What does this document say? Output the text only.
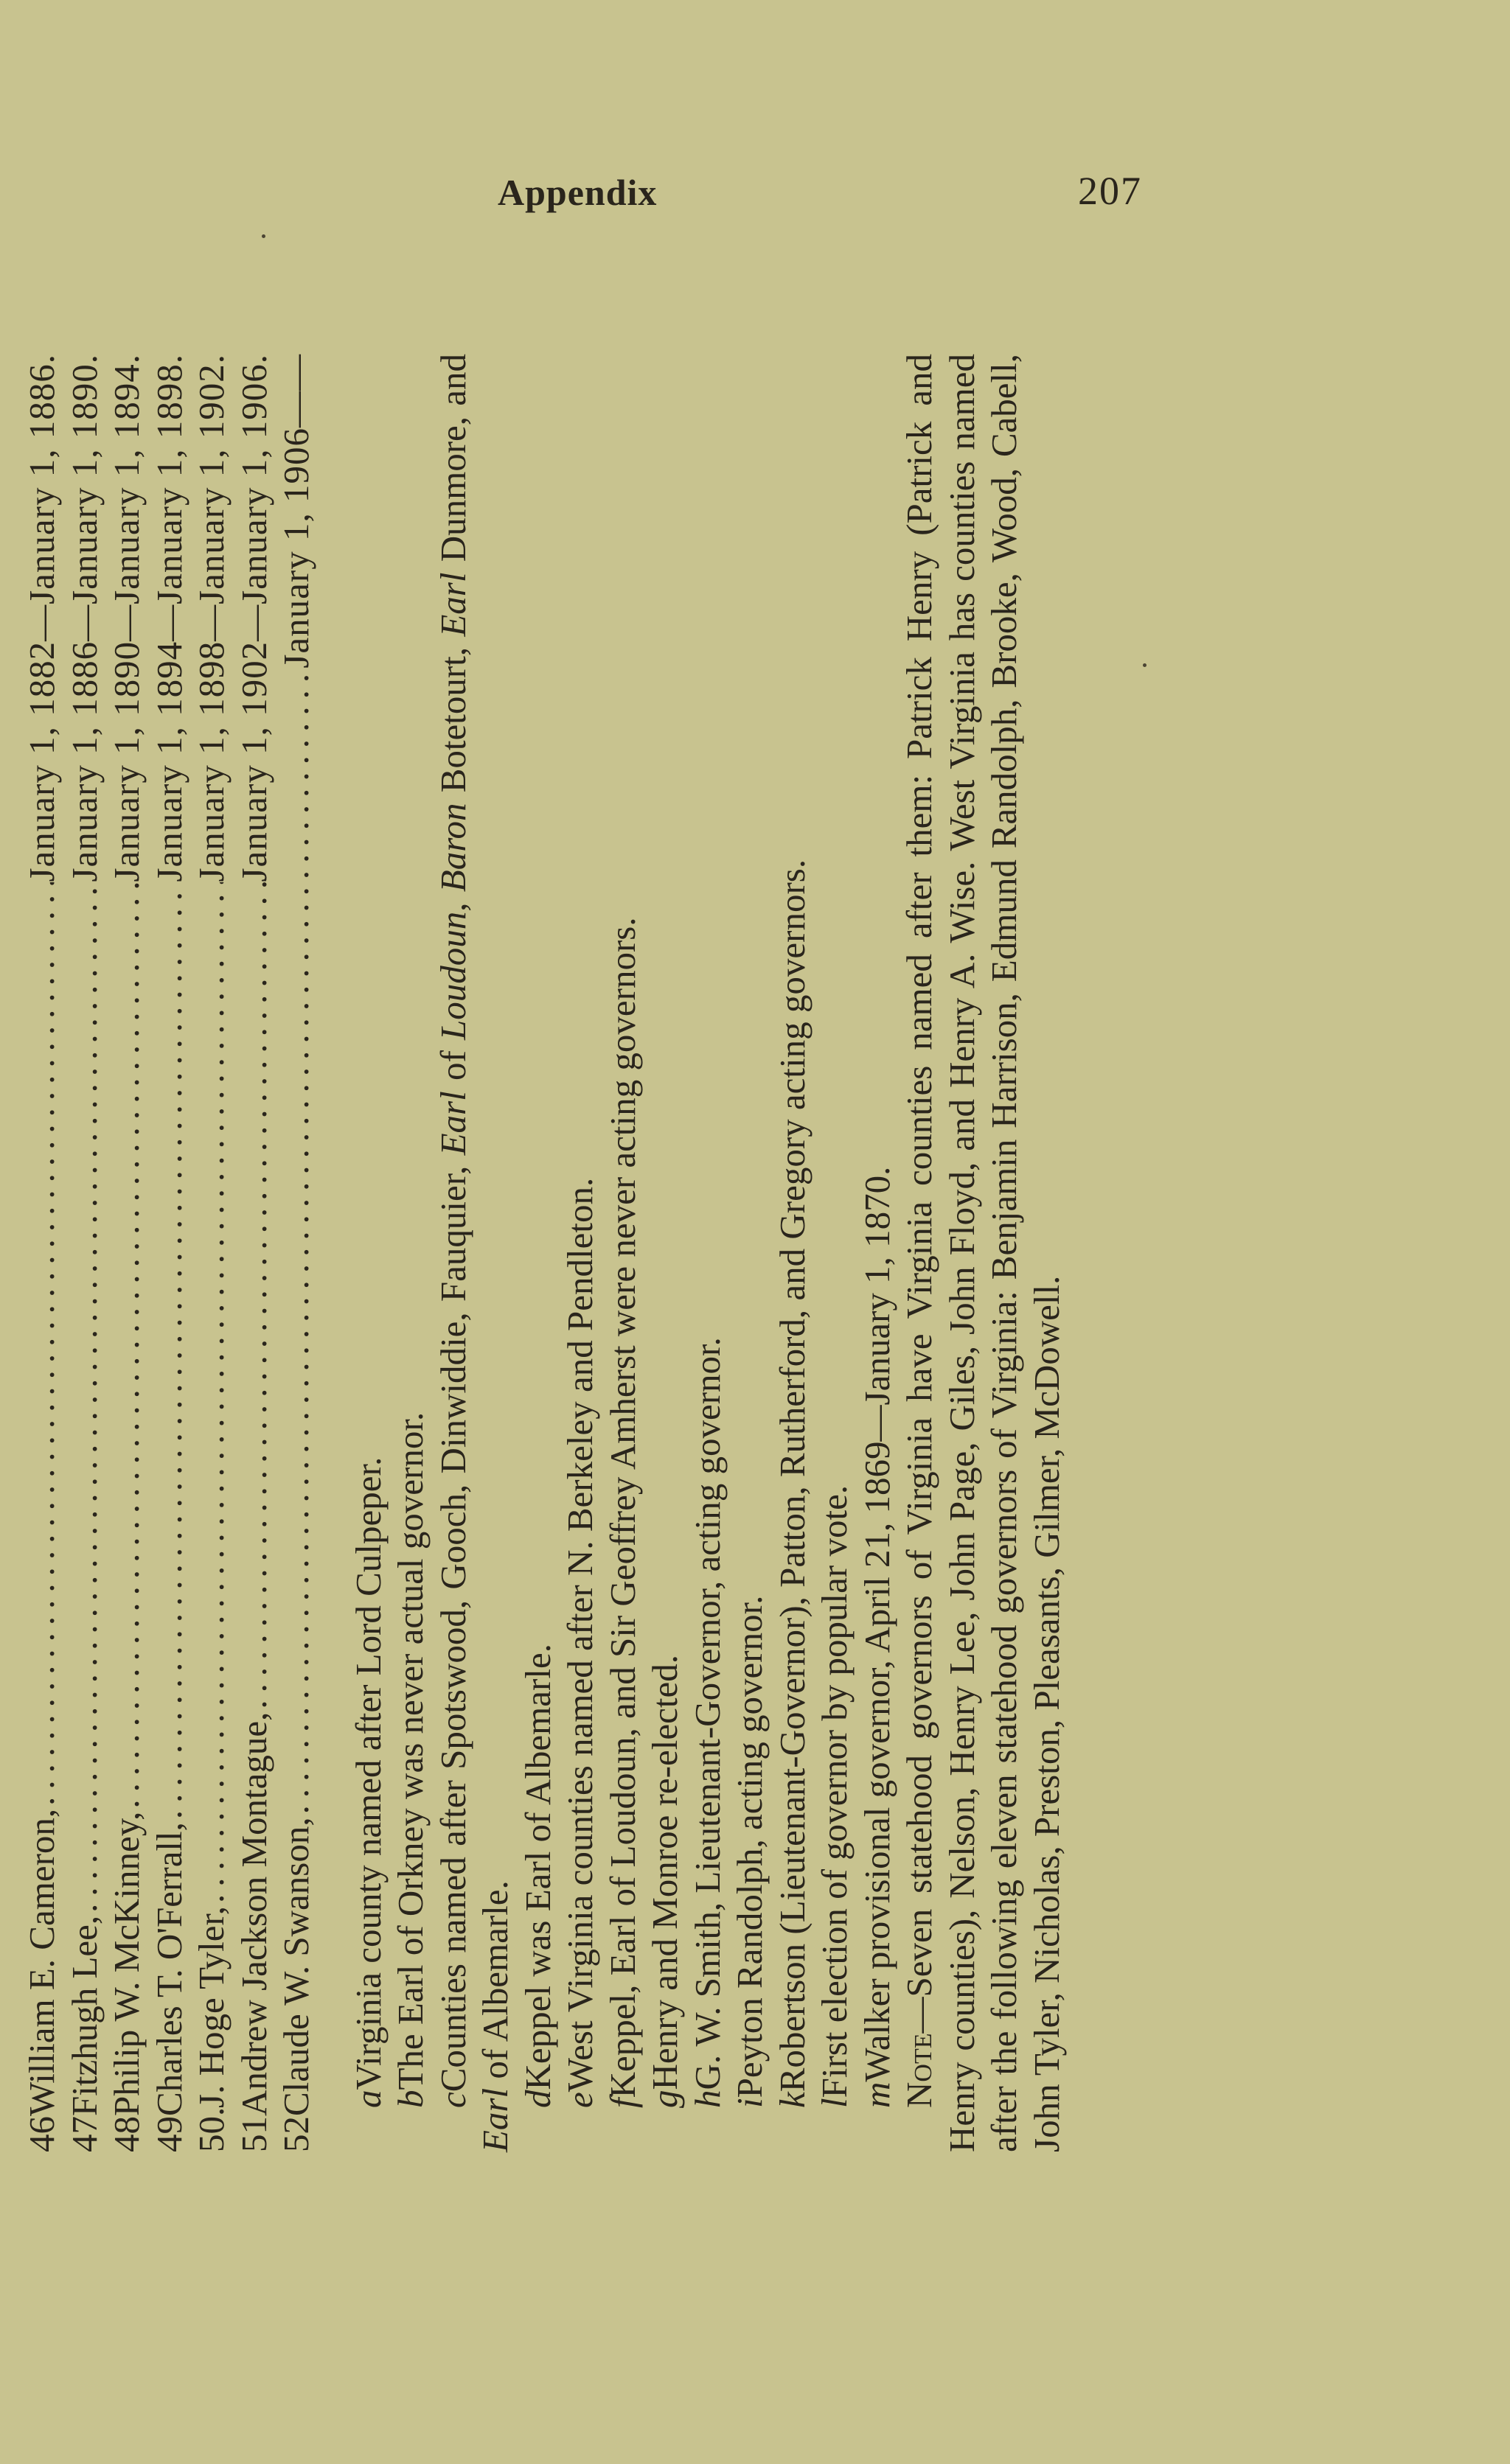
Appendix	207
46
William E. Cameron,
.....
January 1, 1882—January 1, 1886.
47
Fitzhugh Lee,
.....
January 1, 1886—January 1, 1890.
48
Philip W. McKinney,
.....
January 1, 1890—January 1, 1894.
49
Charles T. O'Ferrall,
.....
January 1, 1894—January 1, 1898.
50.
J. Hoge Tyler,
.....
January 1, 1898—January 1, 1902.
51
Andrew Jackson Montague,
.....
January 1, 1902—January 1, 1906.
52
Claude W. Swanson,
.....
January 1, 1906——
aVirginia county named after Lord Culpeper.
bThe Earl of Orkney was never actual governor.
cCounties named after Spotswood, Gooch, Dinwiddie, Fauquier, Earl of Loudoun, Baron Botetourt, Earl Dunmore, and Earl of Albemarle.
dKeppel was Earl of Albemarle.
eWest Virginia counties named after N. Berkeley and Pendleton.
fKeppel, Earl of Loudoun, and Sir Geoffrey Amherst were never acting governors.
gHenry and Monroe re-elected.
hG. W. Smith, Lieutenant-Governor, acting governor.
iPeyton Randolph, acting governor.
kRobertson (Lieutenant-Governor), Patton, Rutherford, and Gregory acting governors.
lFirst election of governor by popular vote. mWalker provisional governor, April 21, 1869—January 1, 1870. Note—Seven statehood governors of Virginia have Virginia counties named after them: Patrick Henry (Patrick and Henry counties), Nelson, Henry Lee, John Page, Giles, John Floyd, and Henry A. Wise. West Virginia has counties named after the following eleven statehood governors of Virginia: Benjamin Harrison, Edmund Randolph, Brooke, Wood, Cabell, John Tyler, Nicholas, Preston, Pleasants, Gilmer, McDowell.
